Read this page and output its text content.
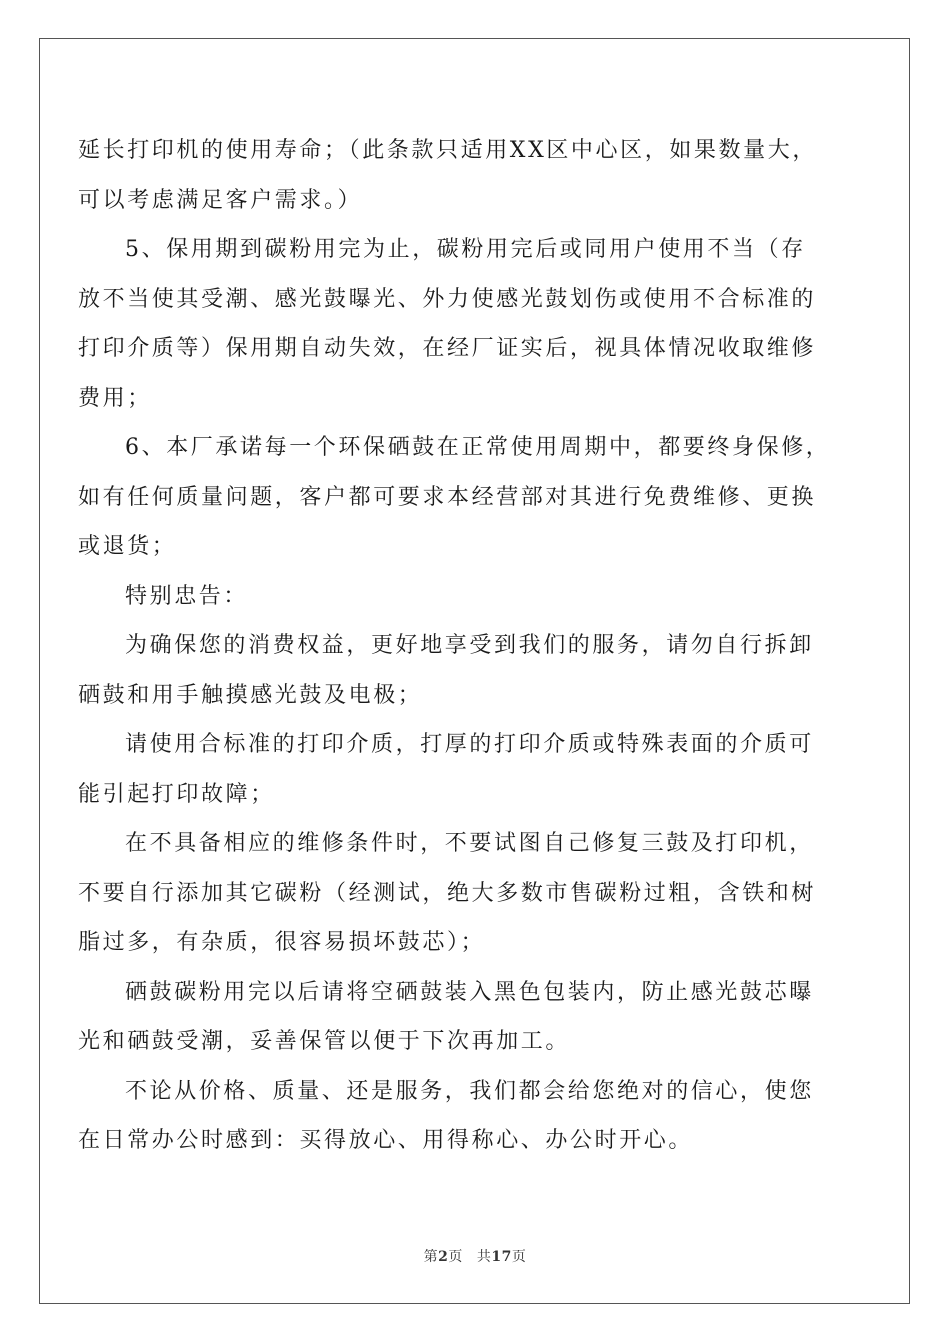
延长打印机的使用寿命；（此条款只适用XX区中心区，如果数量大，
可以考虑满足客户需求。）

5、保用期到碳粉用完为止，碳粉用完后或同用户使用不当（存
放不当使其受潮、感光鼓曝光、外力使感光鼓划伤或使用不合标准的
打印介质等）保用期自动失效，在经厂证实后，视具体情况收取维修
费用；

6、本厂承诺每一个环保硒鼓在正常使用周期中，都要终身保修，
如有任何质量问题，客户都可要求本经营部对其进行免费维修、更换
或退货；

特别忠告：

为确保您的消费权益，更好地享受到我们的服务，请勿自行拆卸
硒鼓和用手触摸感光鼓及电极；

请使用合标准的打印介质，打厚的打印介质或特殊表面的介质可
能引起打印故障；

在不具备相应的维修条件时，不要试图自己修复三鼓及打印机，
不要自行添加其它碳粉（经测试，绝大多数市售碳粉过粗，含铁和树
脂过多，有杂质，很容易损坏鼓芯）；

硒鼓碳粉用完以后请将空硒鼓装入黑色包装内，防止感光鼓芯曝
光和硒鼓受潮，妥善保管以便于下次再加工。

不论从价格、质量、还是服务，我们都会给您绝对的信心，使您
在日常办公时感到：买得放心、用得称心、办公时开心。

第2页 共17页
